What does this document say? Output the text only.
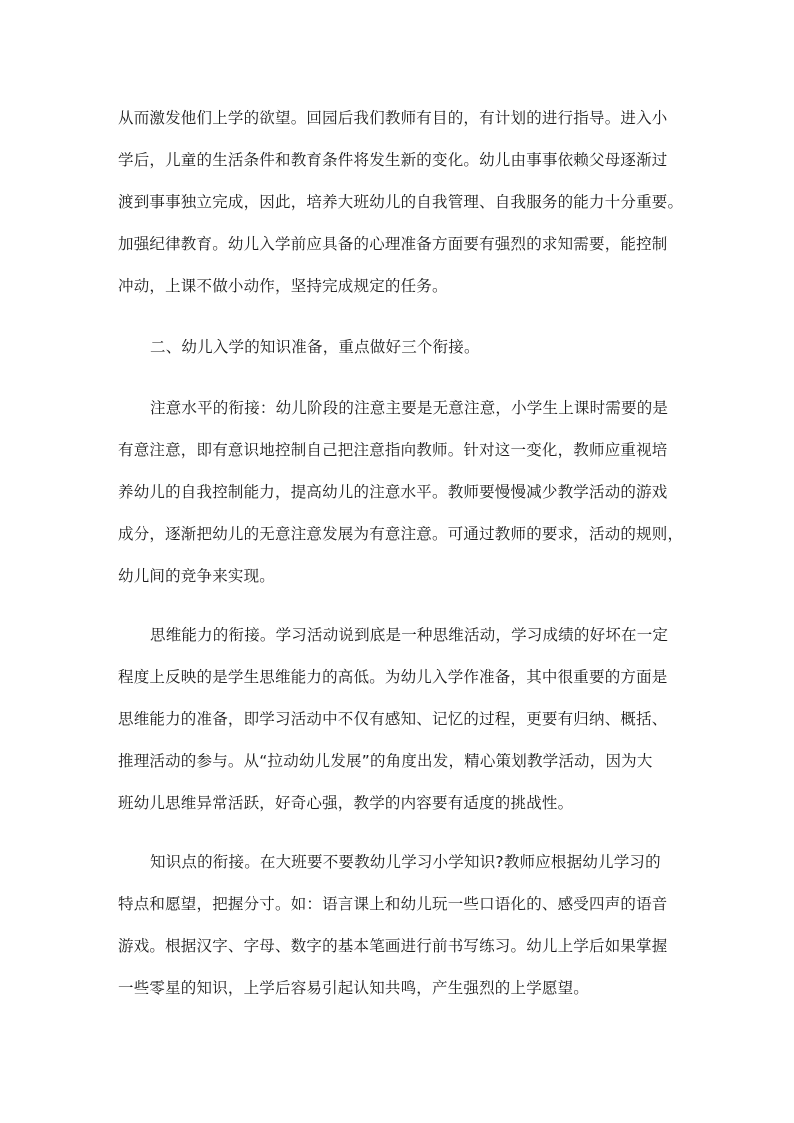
从而激发他们上学的欲望。回园后我们教师有目的，有计划的进行指导。进入小
学后，儿童的生活条件和教育条件将发生新的变化。幼儿由事事依赖父母逐渐过
渡到事事独立完成，因此，培养大班幼儿的自我管理、自我服务的能力十分重要。
加强纪律教育。幼儿入学前应具备的心理准备方面要有强烈的求知需要，能控制
冲动，上课不做小动作，坚持完成规定的任务。

二、幼儿入学的知识准备，重点做好三个衔接。

注意水平的衔接：幼儿阶段的注意主要是无意注意，小学生上课时需要的是
有意注意，即有意识地控制自己把注意指向教师。针对这一变化，教师应重视培
养幼儿的自我控制能力，提高幼儿的注意水平。教师要慢慢减少教学活动的游戏
成分，逐渐把幼儿的无意注意发展为有意注意。可通过教师的要求，活动的规则，
幼儿间的竞争来实现。

思维能力的衔接。学习活动说到底是一种思维活动，学习成绩的好坏在一定
程度上反映的是学生思维能力的高低。为幼儿入学作准备，其中很重要的方面是
思维能力的准备，即学习活动中不仅有感知、记忆的过程，更要有归纳、概括、
推理活动的参与。从“拉动幼儿发展”的角度出发，精心策划教学活动，因为大
班幼儿思维异常活跃，好奇心强，教学的内容要有适度的挑战性。

知识点的衔接。在大班要不要教幼儿学习小学知识?教师应根据幼儿学习的
特点和愿望，把握分寸。如：语言课上和幼儿玩一些口语化的、感受四声的语音
游戏。根据汉字、字母、数字的基本笔画进行前书写练习。幼儿上学后如果掌握
一些零星的知识，上学后容易引起认知共鸣，产生强烈的上学愿望。
